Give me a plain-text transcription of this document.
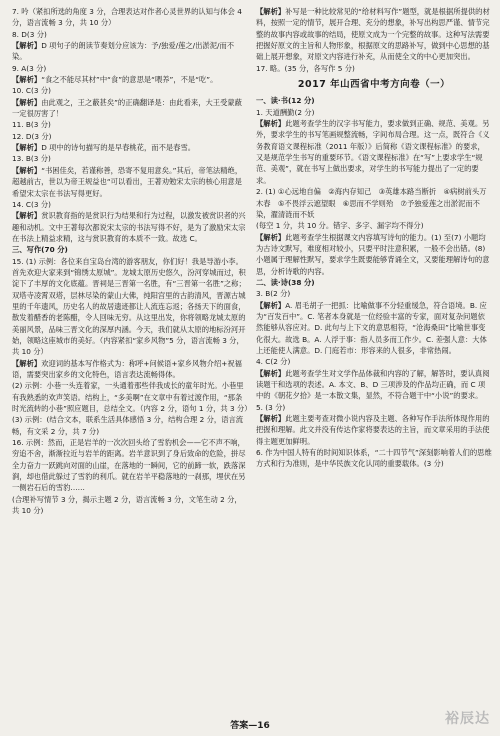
7. 吟（紧扣所选的角度 3 分，合理表达对作者心灵世界的认知与体会 4 分，语言流畅 3 分，共 10 分）

8. D(3 分)

【解析】D 项句子的朗读节奏划分应该为：予/独爱/莲之/出淤泥/而不染。

9. A(3 分)

【解析】“食之不能尽其材”中“食”的意思是“喂养”，不是“吃”。

10. C(3 分)

【解析】由此观之，王之蔽甚矣”的正确翻译是：由此看来，大王受蒙蔽一定很厉害了！

11. B(3 分)

12. D(3 分)

【解析】D 项中的诗句描写的是早春桃花，而不是春雪。

13. B(3 分)

【解析】“书困佳矣，若谨称善，恐寄不复用意矣。”其后，帝笔法精绝，超越前古，世以为帝王规益也“可以看出，王著劝勉宋太宗的核心用意是希望宋太宗在书法写得更好。

14. C(3 分)

【解析】赏识教育指的是赏识行为结果和行为过程，以激发被赏识者的兴趣和动机。文中王著每次都说宋太宗的书法写得不好，是为了激励宋太宗在书法上精益求精，这与赏识教育的本质不一致。故选 C。

三、写作(70 分)

15. (1) 示例：各位来自宝岛台湾的游客朋友，你们好！我是导游小李。首先欢迎大家来到“锦绣太原城”。龙城太原历史悠久，汾河穿城而过，积淀下了丰厚的文化底蕴。晋祠是三晋第一名胜，有“三晋第一名胜”之称；双塔寺凌霄双塔，层林尽染的蒙山大佛，纯阳宫里的古韵清风，晋源古城里的千年遗风，历史名人的故居遗迹都让人流连忘返；各扬天下的面食，散发着醋香的老陈醋，令人回味无穷。从这里出发，你将领略龙城太原的美丽风景，品味三晋文化的深厚内涵。今天，我们就从太原的地标汾河开始，领略这座城市的美好。（内容紧扣“家乡风物”5 分，语言流畅 3 分，共 10 分）

【解析】欢迎词的基本写作格式为：称呼+问候语+家乡风物介绍+祝福语，需要突出家乡的文化特色，语言表达流畅得体。

(2) 示例：小巷一头连着家，一头通着那些伴我成长的童年时光。小巷里有我熟悉的欢声笑语。结构上，“多美啊”在文章中有着过渡作用，“那条时光流转的小巷”照应题目，总结全文。（内容 2 分，语句 1 分，共 3 分）

(3) 示例：(结合文本，联系生活具体感悟 3 分，结构合理 2 分，语言流畅，有文采 2 分，共 7 分)

16. 示例：然而，正是岩羊的一次次回头给了雪豹机会——它不声不响，穷追不舍，渐渐拉近与岩羊的距离。岩羊意识到了身后致命的危险，拼尽全力奋力一跃跳向对面的山崖，在落地的一瞬间，它的前蹄一软，跌落深涧，却也借此躲过了雪豹的利爪。就在岩羊平稳落地的一刹那，埋伏在另一侧岩石后的雪豹……

(合理补写情节 3 分，揭示主题 2 分，语言流畅 3 分，文笔生动 2 分，共 10 分)

【解析】补写是一种比较常见的“给材料写作”题型，就是根据所提供的材料，按照一定的情节，展开合理、充分的想象，补写出构思严谨、情节完整的故事内容或故事的结局，使原文成为一个完整的故事。这种写法需要把握好原文的主旨和人物形象，根据原文的思路补写，做到中心思想的基础上展开想象，对原文内容进行补充，从而使全文的中心更加突出。

17. 略。(35 分，各写作 5 分)

2017 年山西省中考方向卷（一）

一、读·书(12 分)

1. 天道酬勤(2 分)

【解析】此题考查学生的汉字书写能力，要求做到正确、规范、美观。另外，要求学生的书写笔画规整流畅，字间布局合理。这一点，既符合《义务教育语文课程标准（2011 年版）》后简称《语文课程标准》的要求，又是规范学生书写的重要环节。《语文课程标准》在“写”上要求学生“规范、美观”，就在书写上做出要求，对学生的书写能力提出了一定的要求。

2. (1) ①心远地自偏　②海内存知己　③英雄本路当断折　④病树前头万木春　⑤不畏浮云遮望眼　⑥思而不学则殆　⑦予独爱莲之出淤泥而不染，濯清涟而不妖

(每空 1 分，共 10 分。错字、多字、漏字均不得分)

【解析】此题考查学生根据课文内容填写诗句的能力。(1) 至(7) 小题均为古诗文默写，难度相对较小，只要平时注意积累，一般不会出错。(8) 小题属于理解性默写，要求学生既要能够背诵全文，又要能理解诗句的意思，分析诗歌的内容。

二、读·诗(38 分)

3. B(2 分)

【解析】A. 眉毛胡子一把抓：比喻做事不分轻重缓急，符合语境。B. 应为“百发百中”。C. 笔者本身就是一位经验丰富的专家，面对复杂问题依然能够从容应对。D. 此句与上下文的意思相符，“沧海桑田”比喻世事变化很大。故选 B。A. 人浮于事：指人员多而工作少。C. 差强人意：大体上还能使人满意。D. 门庭若市：形容来的人很多，非常热闹。

4. C(2 分)

【解析】此题考查学生对文学作品体裁和内容的了解，解答时，要认真阅读题干和选项的表述。A. 本文、B、D 三项涉及的作品均正确，而 C 项中的《朝花夕拾》是一本散文集，显然，不符合题干中“小说”的要求。

5. (3 分)

【解析】此题主要考查对微小说内容及主题、各种写作手法所体现作用的把握和理解。此文并没有传达作家将要表达的主旨，而文章采用的手法使得主题更加鲜明。

6. 作为中国人特有的时间知识体系，“二十四节气”深刻影响着人们的思维方式和行为准则，是中华民族文化认同的重要载体。(3 分)

答案—16	裕辰达
